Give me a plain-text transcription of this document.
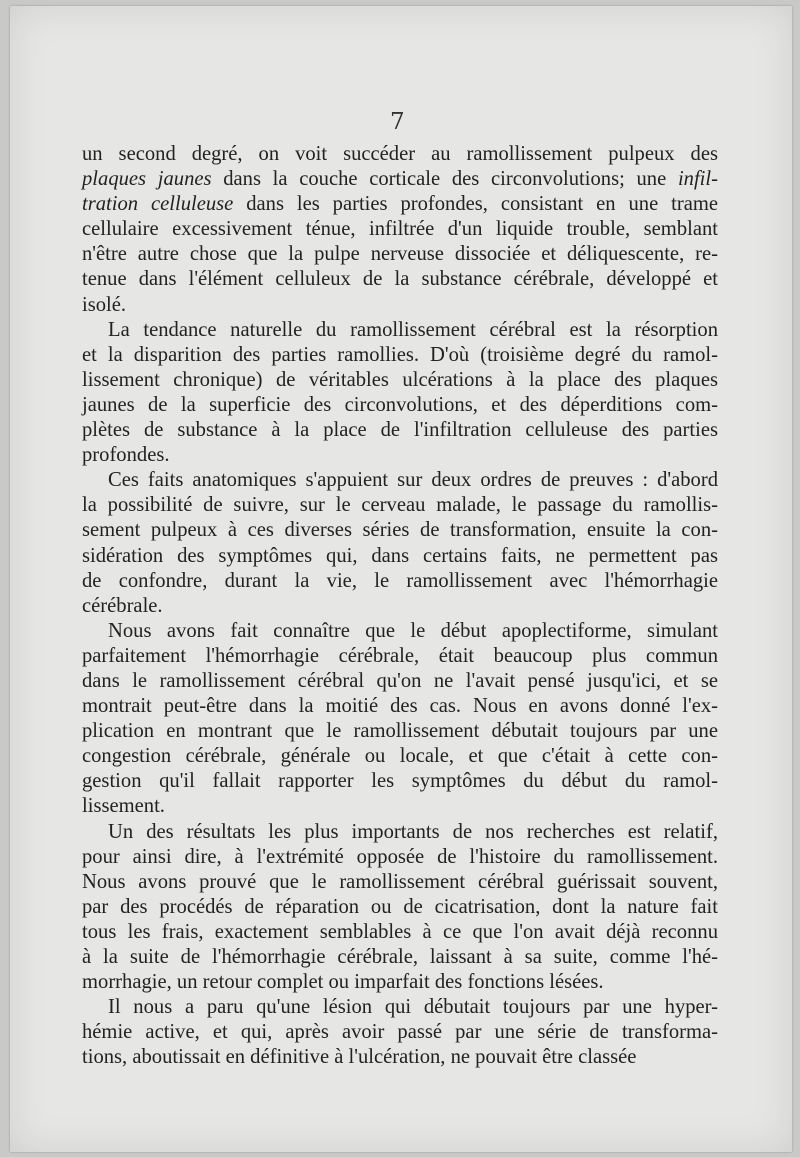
7
un second degré, on voit succéder au ramollissement pulpeux des
plaques jaunes dans la couche corticale des circonvolutions; une infil-
tration celluleuse dans les parties profondes, consistant en une trame
cellulaire excessivement ténue, infiltrée d'un liquide trouble, semblant
n'être autre chose que la pulpe nerveuse dissociée et déliquescente, re-
tenue dans l'élément celluleux de la substance cérébrale, développé et
isolé.
La tendance naturelle du ramollissement cérébral est la résorption
et la disparition des parties ramollies. D'où (troisième degré du ramol-
lissement chronique) de véritables ulcérations à la place des plaques
jaunes de la superficie des circonvolutions, et des déperditions com-
plètes de substance à la place de l'infiltration celluleuse des parties
profondes.
Ces faits anatomiques s'appuient sur deux ordres de preuves : d'abord
la possibilité de suivre, sur le cerveau malade, le passage du ramollis-
sement pulpeux à ces diverses séries de transformation, ensuite la con-
sidération des symptômes qui, dans certains faits, ne permettent pas
de confondre, durant la vie, le ramollissement avec l'hémorrhagie
cérébrale.
Nous avons fait connaître que le début apoplectiforme, simulant
parfaitement l'hémorrhagie cérébrale, était beaucoup plus commun
dans le ramollissement cérébral qu'on ne l'avait pensé jusqu'ici, et se
montrait peut-être dans la moitié des cas. Nous en avons donné l'ex-
plication en montrant que le ramollissement débutait toujours par une
congestion cérébrale, générale ou locale, et que c'était à cette con-
gestion qu'il fallait rapporter les symptômes du début du ramol-
lissement.
Un des résultats les plus importants de nos recherches est relatif,
pour ainsi dire, à l'extrémité opposée de l'histoire du ramollissement.
Nous avons prouvé que le ramollissement cérébral guérissait souvent,
par des procédés de réparation ou de cicatrisation, dont la nature fait
tous les frais, exactement semblables à ce que l'on avait déjà reconnu
à la suite de l'hémorrhagie cérébrale, laissant à sa suite, comme l'hé-
morrhagie, un retour complet ou imparfait des fonctions lésées.
Il nous a paru qu'une lésion qui débutait toujours par une hyper-
hémie active, et qui, après avoir passé par une série de transforma-
tions, aboutissait en définitive à l'ulcération, ne pouvait être classée
